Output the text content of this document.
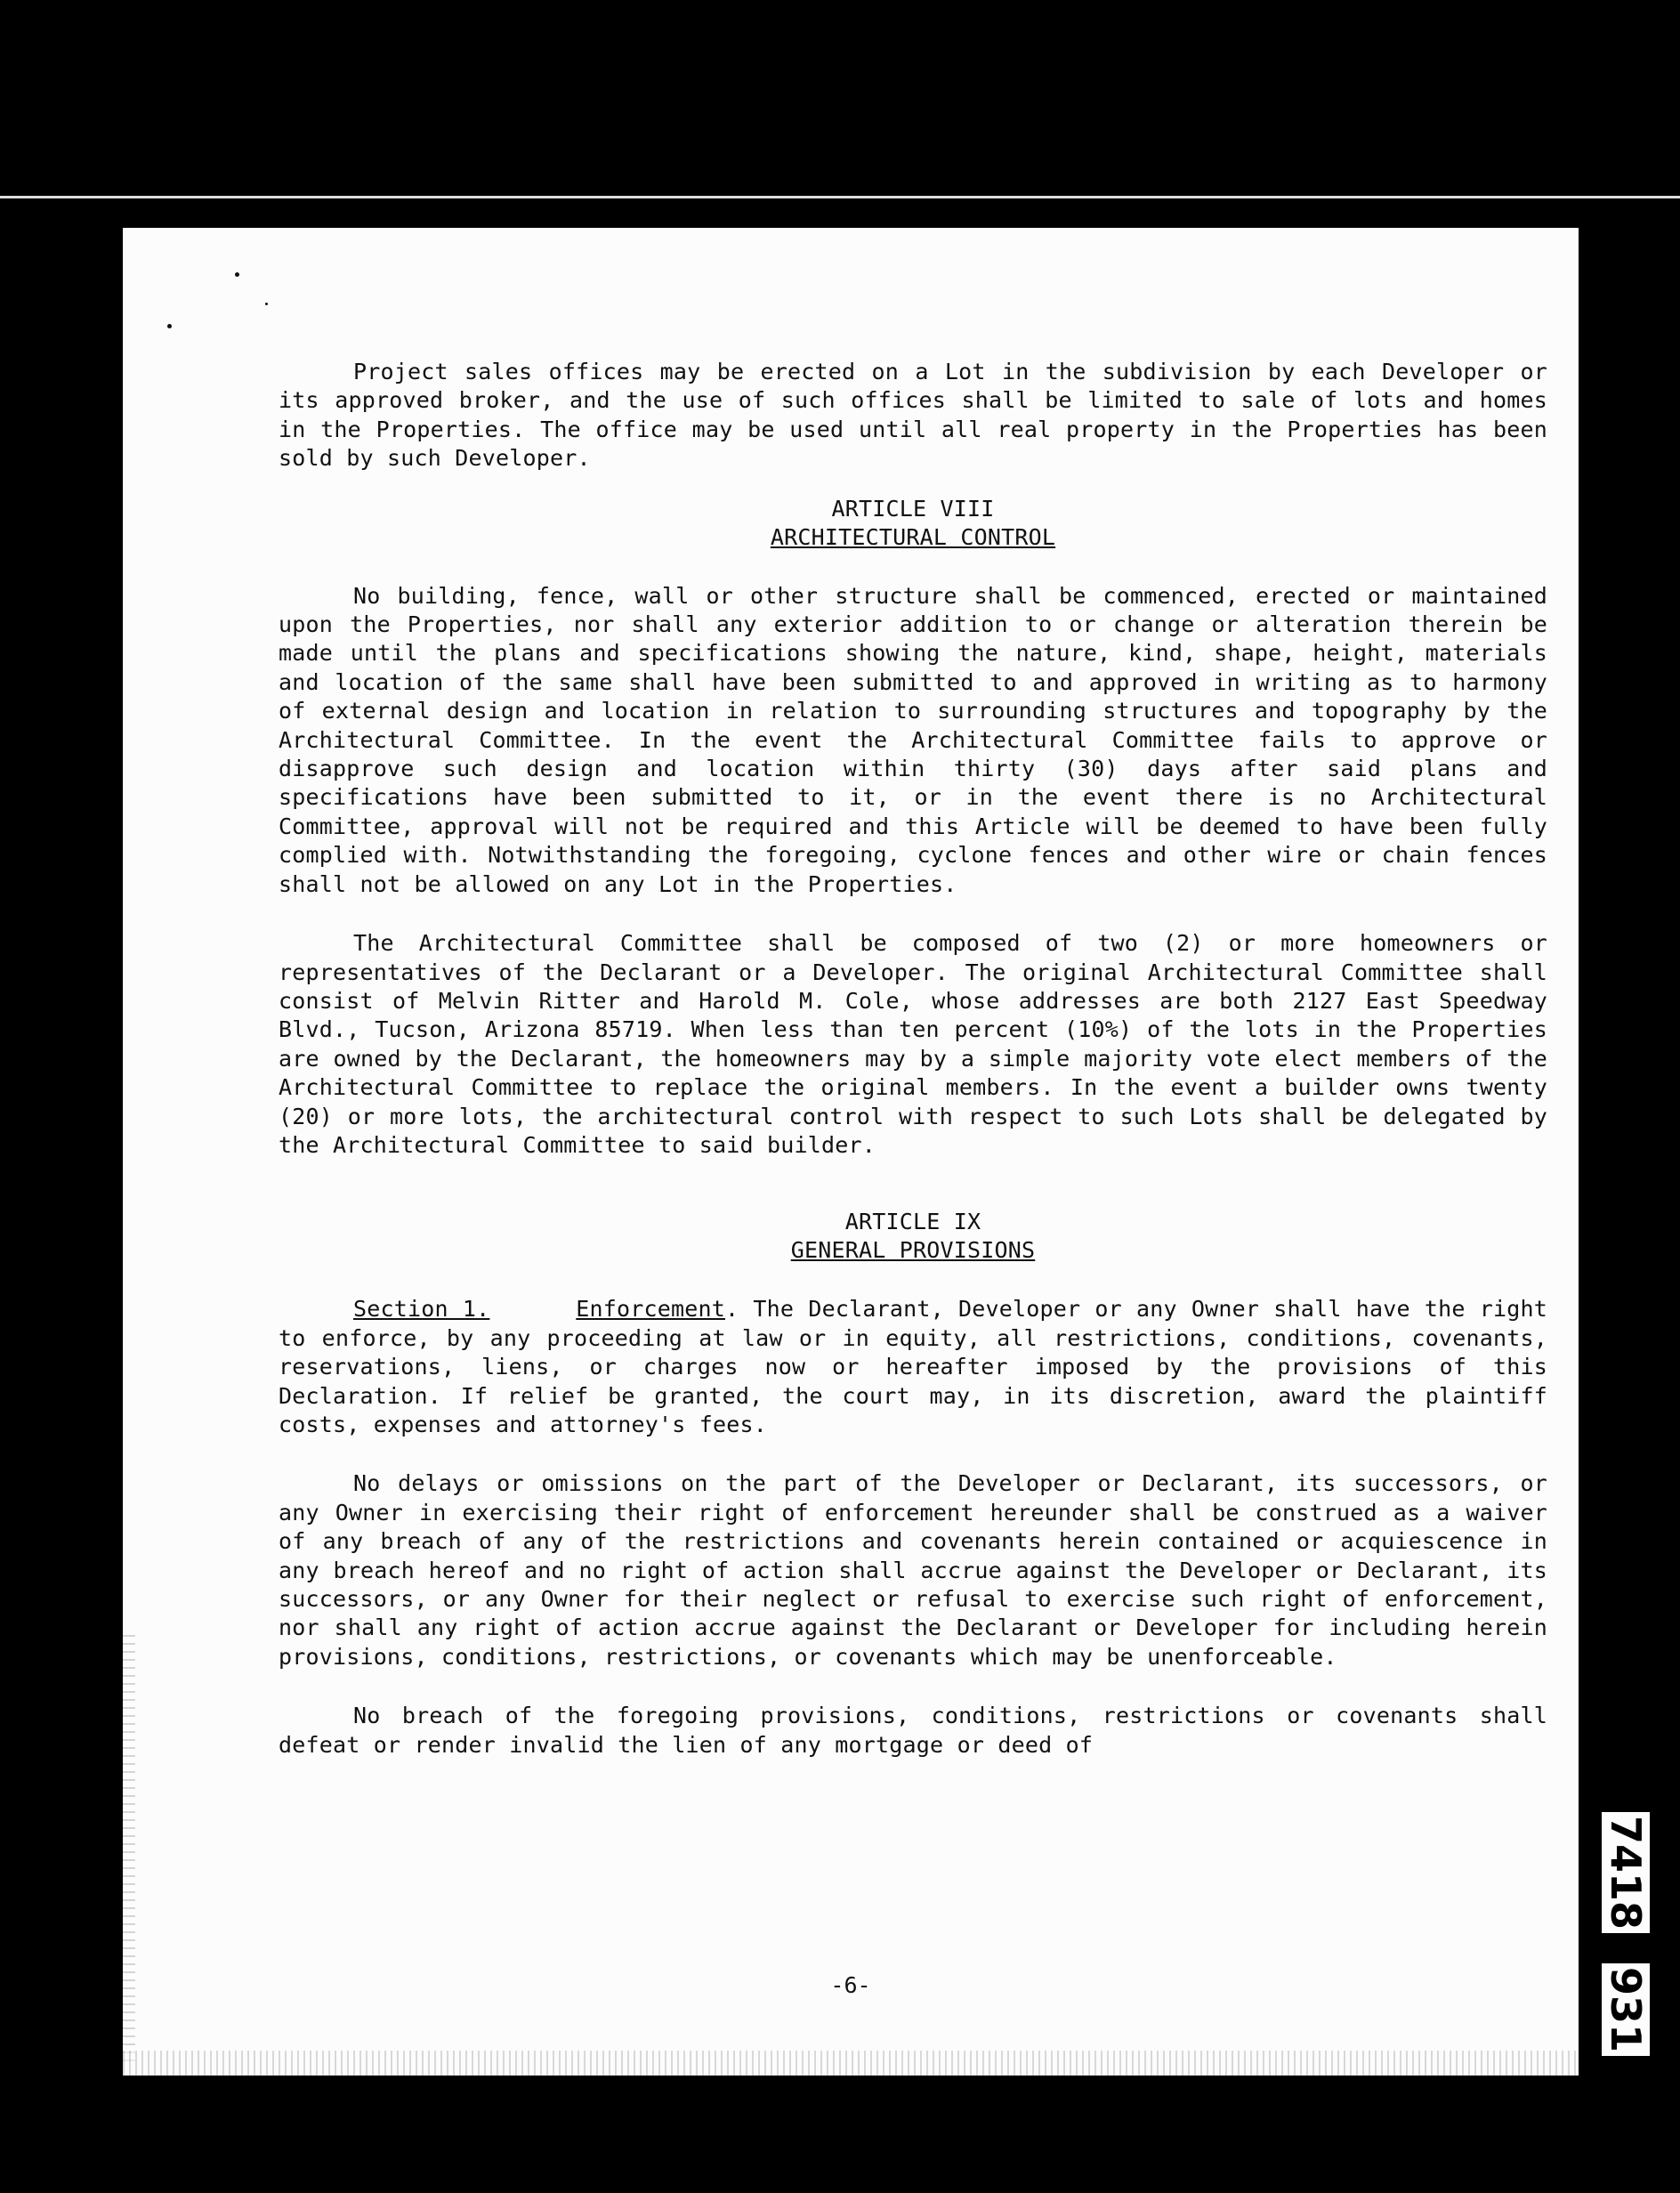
Project sales offices may be erected on a Lot in the subdivision by each Developer or its approved broker, and the use of such offices shall be limited to sale of lots and homes in the Properties. The office may be used until all real property in the Properties has been sold by such Developer.

ARTICLE VIII
ARCHITECTURAL CONTROL

No building, fence, wall or other structure shall be commenced, erected or maintained upon the Properties, nor shall any exterior addition to or change or alteration therein be made until the plans and specifications showing the nature, kind, shape, height, materials and location of the same shall have been submitted to and approved in writing as to harmony of external design and location in relation to surrounding structures and topography by the Architectural Committee. In the event the Architectural Committee fails to approve or disapprove such design and location within thirty (30) days after said plans and specifications have been submitted to it, or in the event there is no Architectural Committee, approval will not be required and this Article will be deemed to have been fully complied with. Notwithstanding the foregoing, cyclone fences and other wire or chain fences shall not be allowed on any Lot in the Properties.

The Architectural Committee shall be composed of two (2) or more homeowners or representatives of the Declarant or a Developer. The original Architectural Committee shall consist of Melvin Ritter and Harold M. Cole, whose addresses are both 2127 East Speedway Blvd., Tucson, Arizona 85719. When less than ten percent (10%) of the lots in the Properties are owned by the Declarant, the homeowners may by a simple majority vote elect members of the Architectural Committee to replace the original members. In the event a builder owns twenty (20) or more lots, the architectural control with respect to such Lots shall be delegated by the Architectural Committee to said builder.

ARTICLE IX
GENERAL PROVISIONS

Section 1.	Enforcement. The Declarant, Developer or any Owner shall have the right to enforce, by any proceeding at law or in equity, all restrictions, conditions, covenants, reservations, liens, or charges now or hereafter imposed by the provisions of this Declaration. If relief be granted, the court may, in its discretion, award the plaintiff costs, expenses and attorney's fees.

No delays or omissions on the part of the Developer or Declarant, its successors, or any Owner in exercising their right of enforcement hereunder shall be construed as a waiver of any breach of any of the restrictions and covenants herein contained or acquiescence in any breach hereof and no right of action shall accrue against the Developer or Declarant, its successors, or any Owner for their neglect or refusal to exercise such right of enforcement, nor shall any right of action accrue against the Declarant or Developer for including herein provisions, conditions, restrictions, or covenants which may be unenforceable.

No breach of the foregoing provisions, conditions, restrictions or covenants shall defeat or render invalid the lien of any mortgage or deed of

-6-
7418
931
